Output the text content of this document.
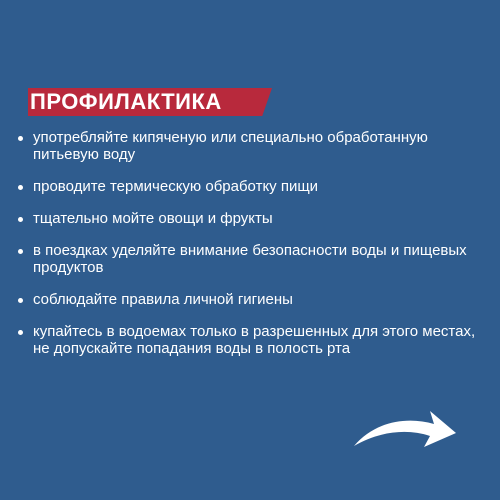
ПРОФИЛАКТИКА
употребляйте кипяченую или специально обработанную питьевую воду
проводите термическую обработку пищи
тщательно мойте овощи и фрукты
в поездках уделяйте внимание безопасности воды и пищевых продуктов
соблюдайте правила личной гигиены
купайтесь в водоемах только в разрешенных для этого местах, не допускайте попадания воды в полость рта
